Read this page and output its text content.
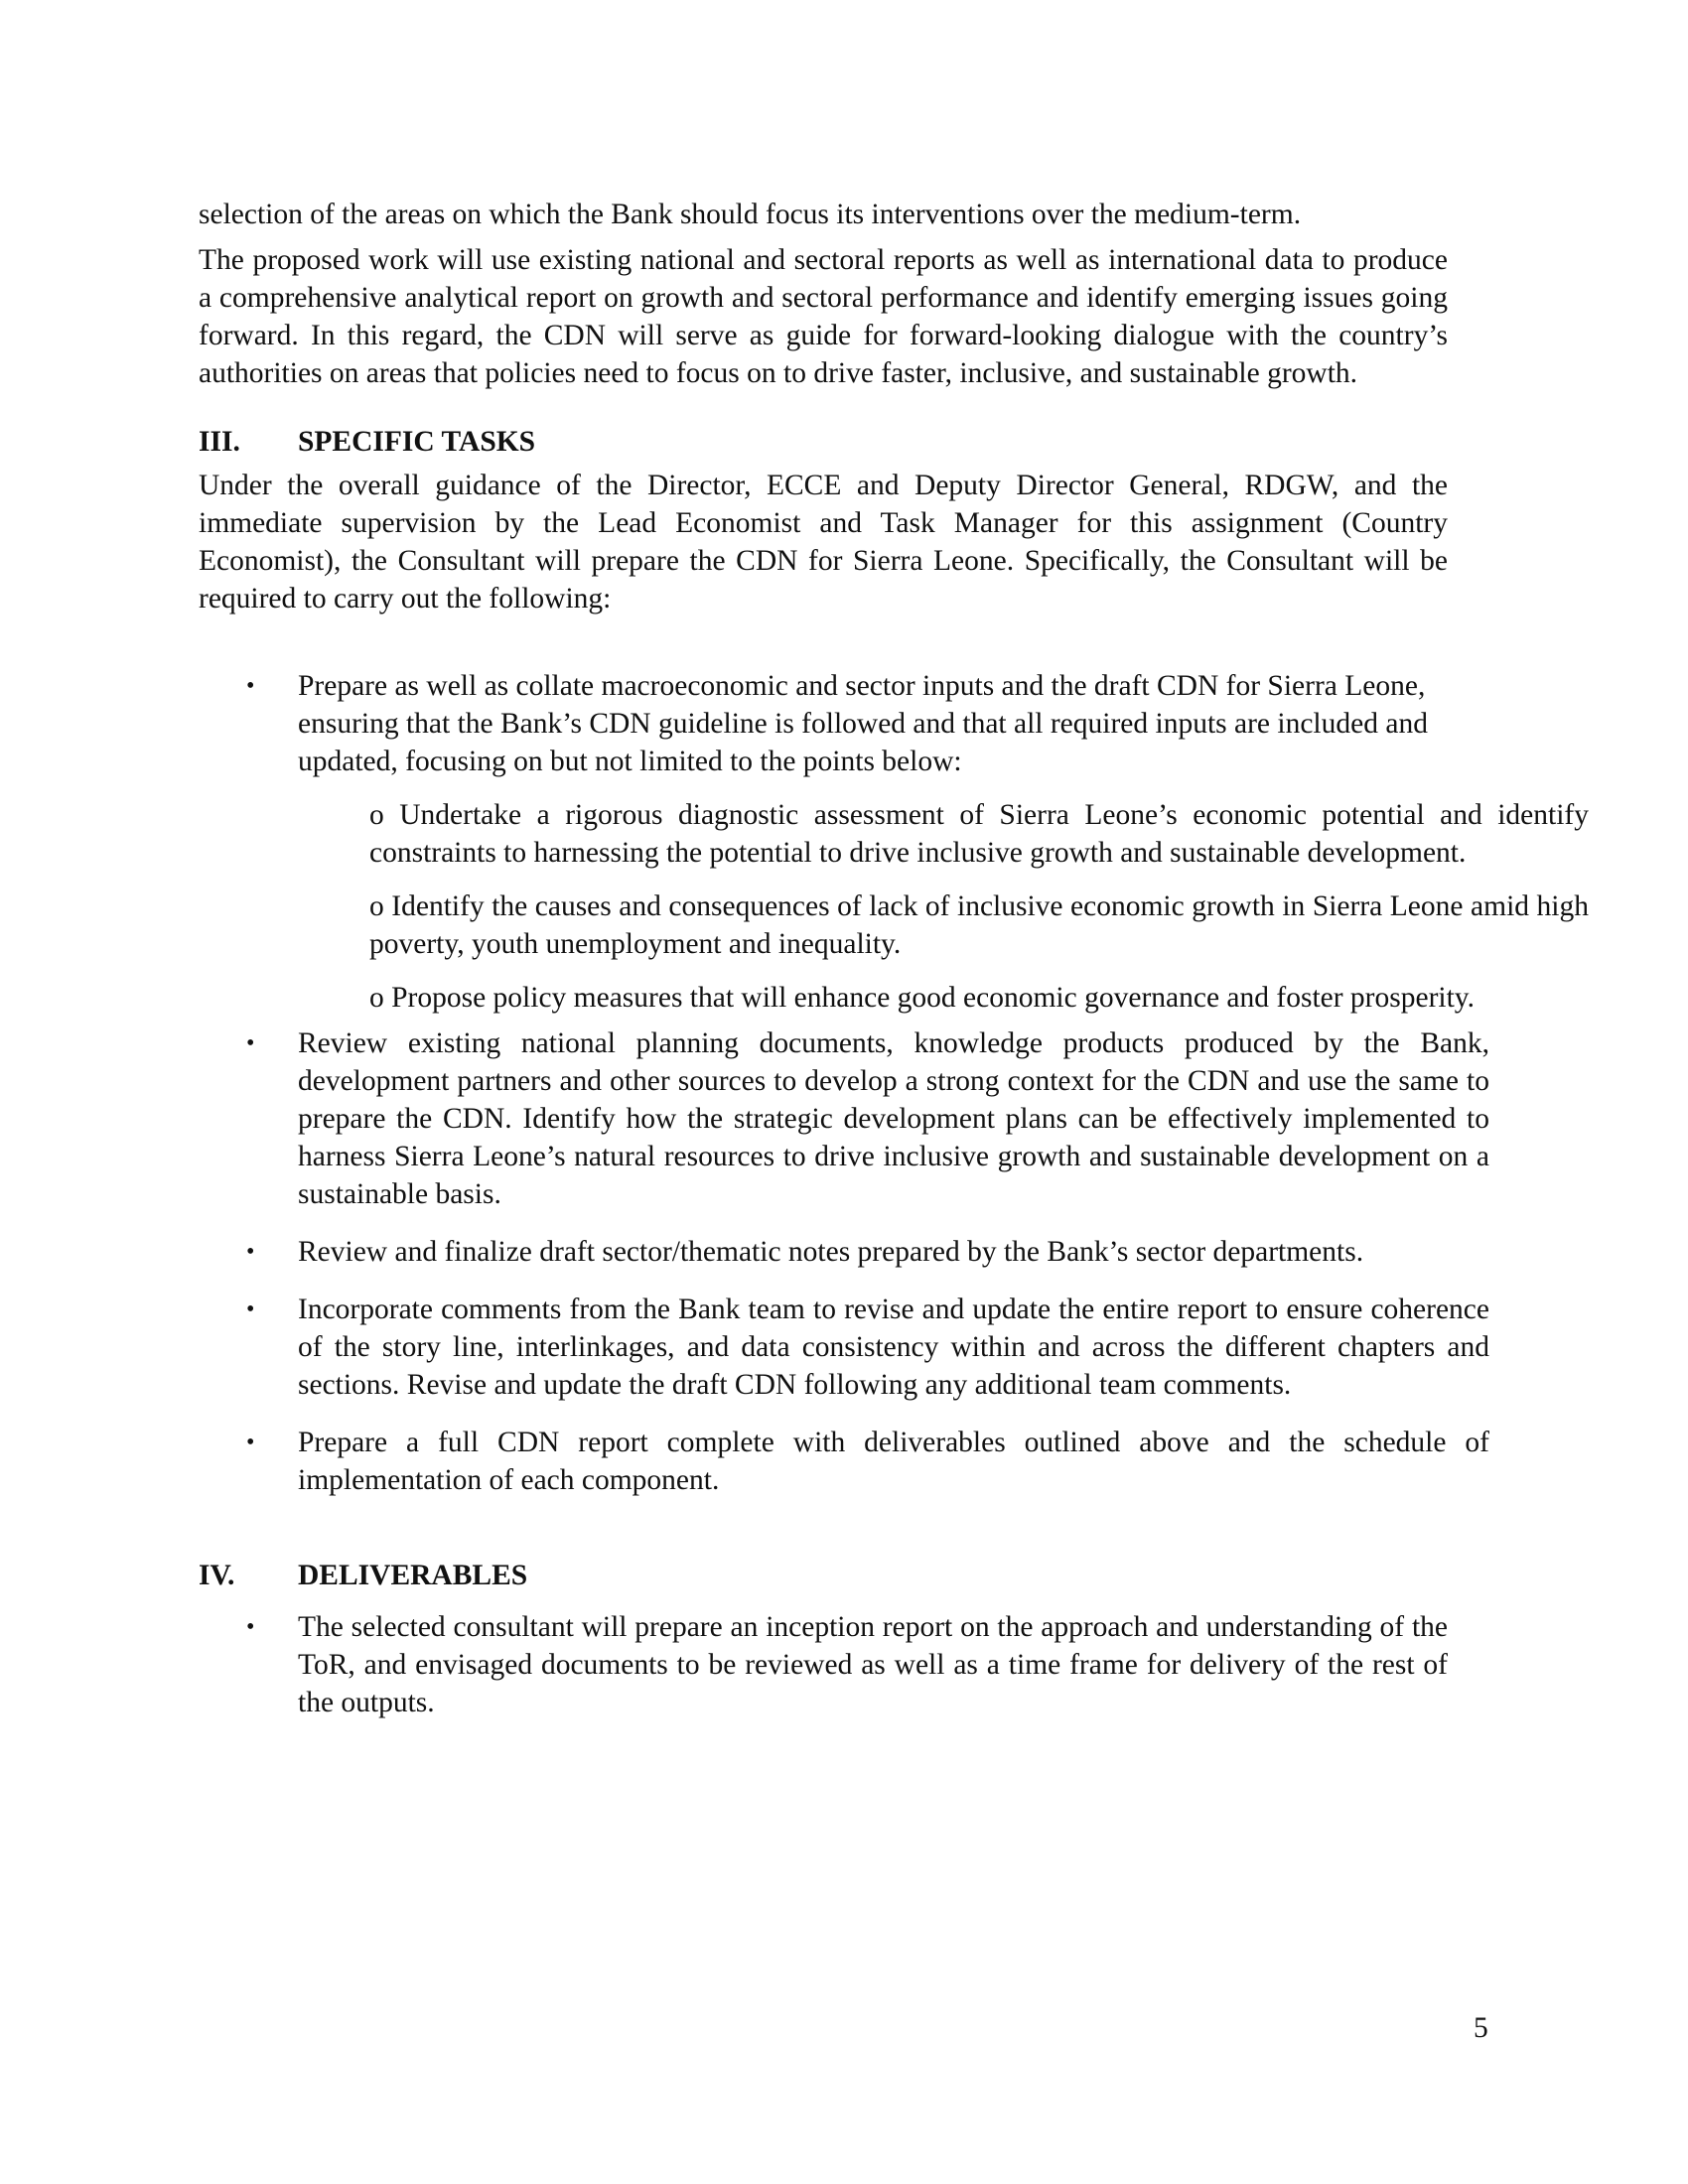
selection of the areas on which the Bank should focus its interventions over the medium-term.

The proposed work will use existing national and sectoral reports as well as international data to produce a comprehensive analytical report on growth and sectoral performance and identify emerging issues going forward. In this regard, the CDN will serve as guide for forward-looking dialogue with the country’s authorities on areas that policies need to focus on to drive faster, inclusive, and sustainable growth.

III.	SPECIFIC TASKS

Under the overall guidance of the Director, ECCE and Deputy Director General, RDGW, and the immediate supervision by the Lead Economist and Task Manager for this assignment (Country Economist), the Consultant will prepare the CDN for Sierra Leone. Specifically, the Consultant will be required to carry out the following:

• Prepare as well as collate macroeconomic and sector inputs and the draft CDN for Sierra Leone, ensuring that the Bank’s CDN guideline is followed and that all required inputs are included and updated, focusing on but not limited to the points below:
o Undertake a rigorous diagnostic assessment of Sierra Leone’s economic potential and identify constraints to harnessing the potential to drive inclusive growth and sustainable development.
o Identify the causes and consequences of lack of inclusive economic growth in Sierra Leone amid high poverty, youth unemployment and inequality.
o Propose policy measures that will enhance good economic governance and foster prosperity.
• Review existing national planning documents, knowledge products produced by the Bank, development partners and other sources to develop a strong context for the CDN and use the same to prepare the CDN. Identify how the strategic development plans can be effectively implemented to harness Sierra Leone’s natural resources to drive inclusive growth and sustainable development on a sustainable basis.
• Review and finalize draft sector/thematic notes prepared by the Bank’s sector departments.
• Incorporate comments from the Bank team to revise and update the entire report to ensure coherence of the story line, interlinkages, and data consistency within and across the different chapters and sections. Revise and update the draft CDN following any additional team comments.
• Prepare a full CDN report complete with deliverables outlined above and the schedule of implementation of each component.
IV.	DELIVERABLES
• The selected consultant will prepare an inception report on the approach and understanding of the ToR, and envisaged documents to be reviewed as well as a time frame for delivery of the rest of the outputs.
5
